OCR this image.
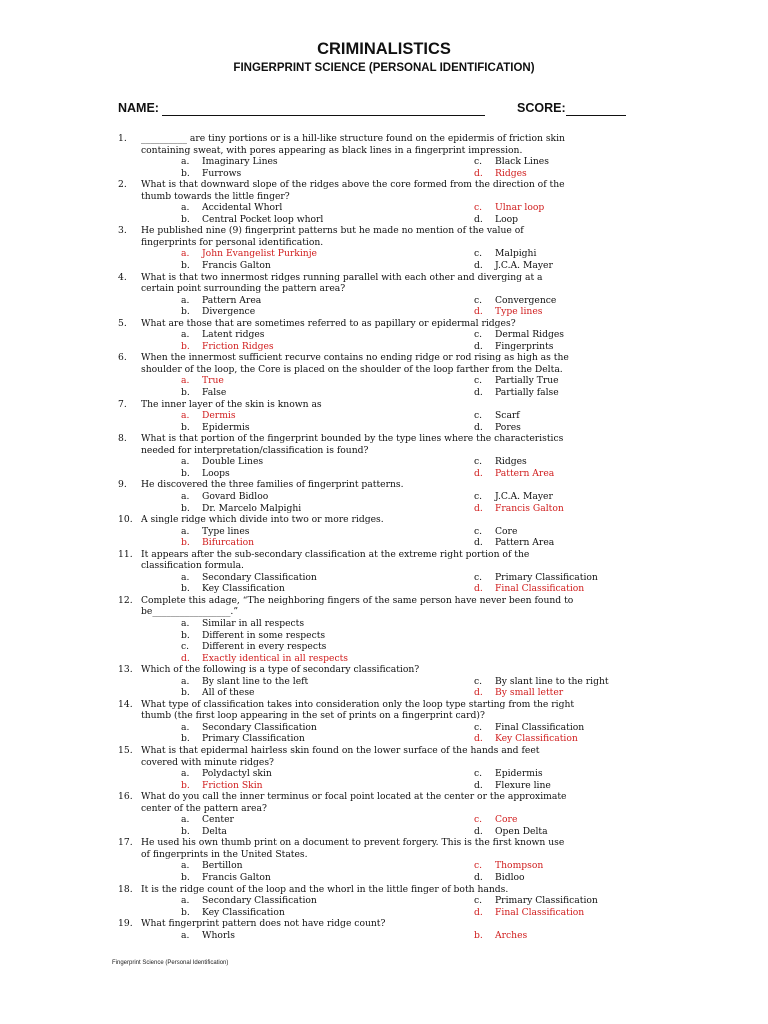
CRIMINALISTICS
FINGERPRINT SCIENCE (PERSONAL IDENTIFICATION)
NAME:	SCORE:
1. __________ are tiny portions or is a hill-like structure found on the epidermis of friction skin
containing sweat, with pores appearing as black lines in a fingerprint impression.
a. Imaginary Lines	c. Black Lines
b. Furrows	d. Ridges
2. What is that downward slope of the ridges above the core formed from the direction of the
thumb towards the little finger?
a. Accidental Whorl	c. Ulnar loop
b. Central Pocket loop whorl	d. Loop
3. He published nine (9) fingerprint patterns but he made no mention of the value of
fingerprints for personal identification.
a. John Evangelist Purkinje	c. Malpighi
b. Francis Galton	d. J.C.A. Mayer
4. What is that two innermost ridges running parallel with each other and diverging at a
certain point surrounding the pattern area?
a. Pattern Area	c. Convergence
b. Divergence	d. Type lines
5. What are those that are sometimes referred to as papillary or epidermal ridges?
a. Latent ridges	c. Dermal Ridges
b. Friction Ridges	d. Fingerprints
6. When the innermost sufficient recurve contains no ending ridge or rod rising as high as the
shoulder of the loop, the Core is placed on the shoulder of the loop farther from the Delta.
a. True	c. Partially True
b. False	d. Partially false
7. The inner layer of the skin is known as
a. Dermis	c. Scarf
b. Epidermis	d. Pores
8. What is that portion of the fingerprint bounded by the type lines where the characteristics
needed for interpretation/classification is found?
a. Double Lines	c. Ridges
b. Loops	d. Pattern Area
9. He discovered the three families of fingerprint patterns.
a. Govard Bidloo	c. J.C.A. Mayer
b. Dr. Marcelo Malpighi	d. Francis Galton
10. A single ridge which divide into two or more ridges.
a. Type lines	c. Core
b. Bifurcation	d. Pattern Area
11. It appears after the sub-secondary classification at the extreme right portion of the
classification formula.
a. Secondary Classification	c. Primary Classification
b. Key Classification	d. Final Classification
12. Complete this adage, “The neighboring fingers of the same person have never been found to
be_________________.”
a. Similar in all respects
b. Different in some respects
c. Different in every respects
d. Exactly identical in all respects
13. Which of the following is a type of secondary classification?
a. By slant line to the left	c. By slant line to the right
b. All of these	d. By small letter
14. What type of classification takes into consideration only the loop type starting from the right
thumb (the first loop appearing in the set of prints on a fingerprint card)?
a. Secondary Classification	c. Final Classification
b. Primary Classification	d. Key Classification
15. What is that epidermal hairless skin found on the lower surface of the hands and feet
covered with minute ridges?
a. Polydactyl skin	c. Epidermis
b. Friction Skin	d. Flexure line
16. What do you call the inner terminus or focal point located at the center or the approximate
center of the pattern area?
a. Center	c. Core
b. Delta	d. Open Delta
17. He used his own thumb print on a document to prevent forgery. This is the first known use
of fingerprints in the United States.
a. Bertillon	c. Thompson
b. Francis Galton	d. Bidloo
18. It is the ridge count of the loop and the whorl in the little finger of both hands.
a. Secondary Classification	c. Primary Classification
b. Key Classification	d. Final Classification
19. What fingerprint pattern does not have ridge count?
a. Whorls	b. Arches
Fingerprint Science (Personal Identification)
